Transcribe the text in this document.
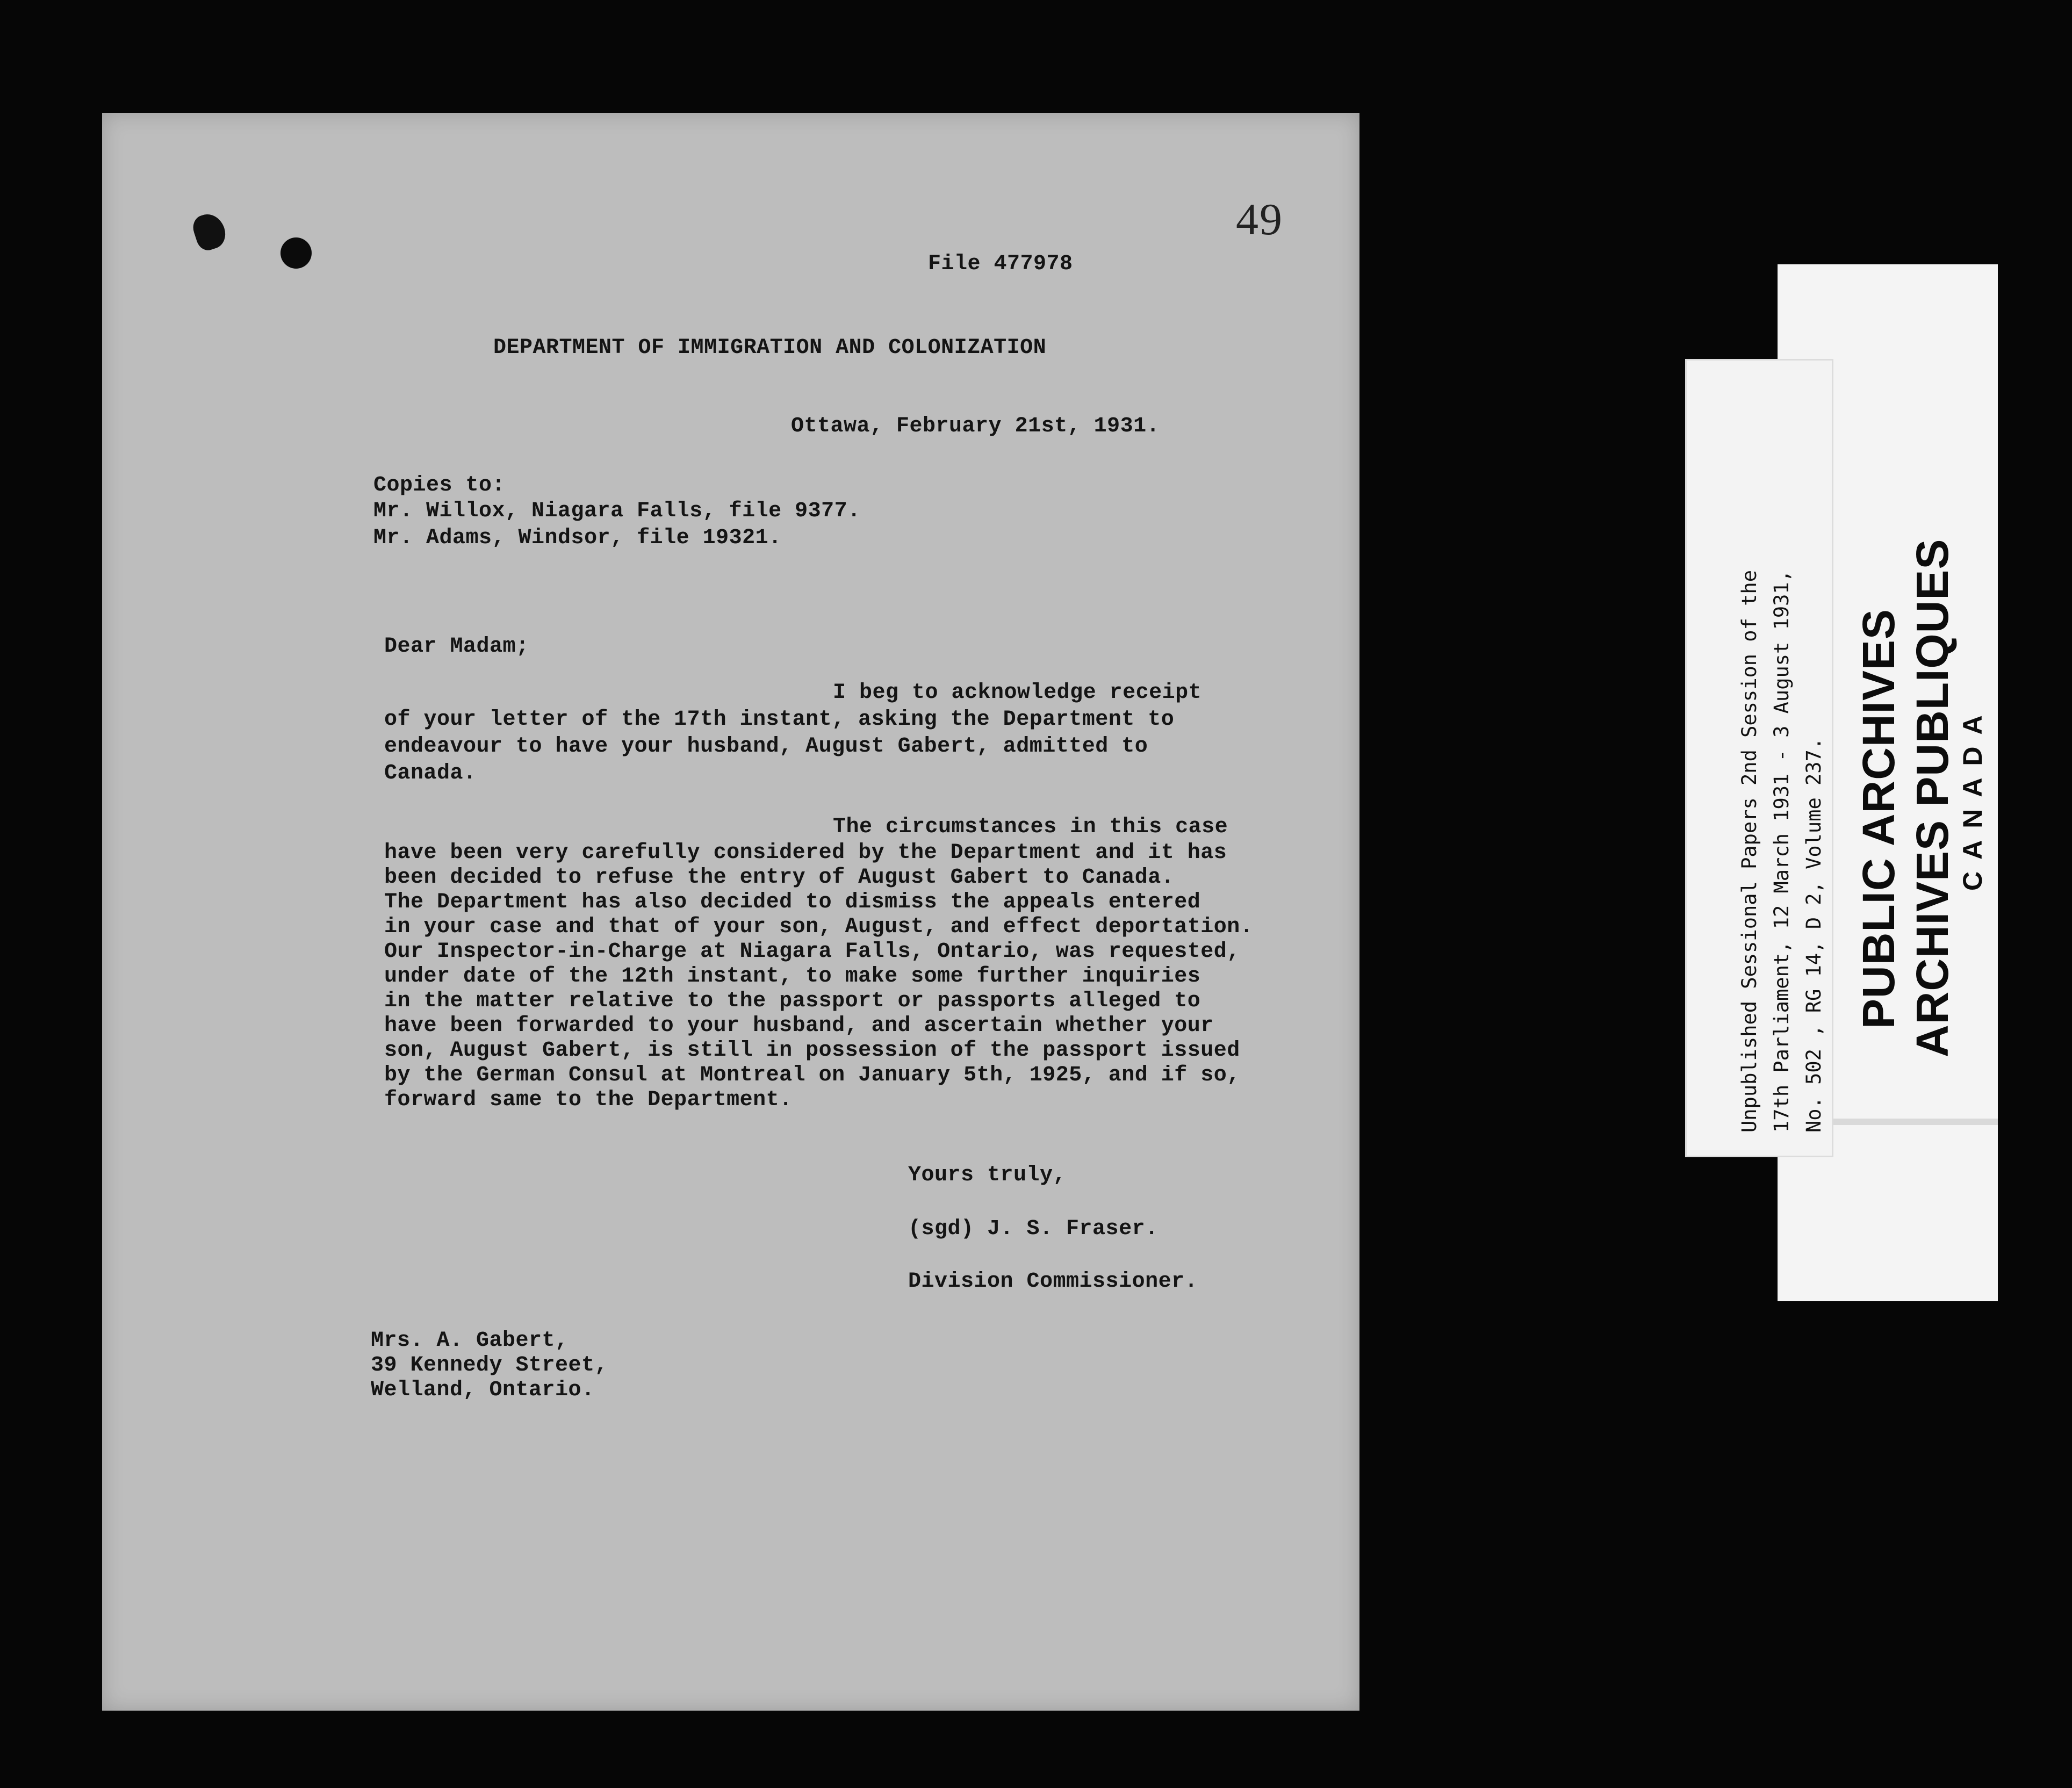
49
File 477978
DEPARTMENT OF IMMIGRATION AND COLONIZATION
Ottawa, February 21st, 1931.
Copies to:
Mr. Willox, Niagara Falls, file 9377.
Mr. Adams, Windsor, file 19321.
Dear Madam;
I beg to acknowledge receipt
of your letter of the 17th instant, asking the Department to
endeavour to have your husband, August Gabert, admitted to
Canada.
The circumstances in this case
have been very carefully considered by the Department and it has
been decided to refuse the entry of August Gabert to Canada.
The Department has also decided to dismiss the appeals entered
in your case and that of your son, August, and effect deportation.
Our Inspector-in-Charge at Niagara Falls, Ontario, was requested,
under date of the 12th instant, to make some further inquiries
in the matter relative to the passport or passports alleged to
have been forwarded to your husband, and ascertain whether your
son, August Gabert, is still in possession of the passport issued
by the German Consul at Montreal on January 5th, 1925, and if so,
forward same to the Department.
Yours truly,
(sgd) J. S. Fraser.
Division Commissioner.
Mrs. A. Gabert,
39 Kennedy Street,
Welland, Ontario.
PUBLIC ARCHIVES ARCHIVES PUBLIQUES CANADA
Unpublished Sessional Papers 2nd Session of the 17th Parliament, 12 March 1931 - 3 August 1931, No. 502 , RG 14, D 2, Volume 237.
